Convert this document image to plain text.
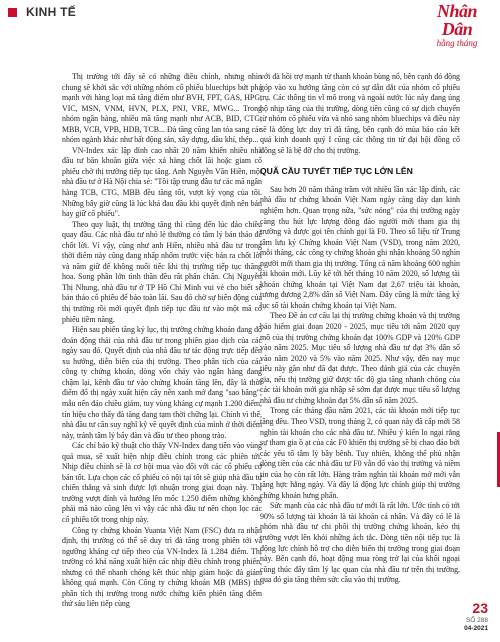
KINH TẾ	Nhân Dân
hằng tháng

Thị trường tới đây sẽ có những điều chỉnh, nhưng nhìn chung sẽ khởi sắc với những nhóm cổ phiếu bluechips bứt phá mạnh với hàng loạt mã tăng điểm như BVH, FPT, GAS, HPG, VIC, MSN, VNM, HVN, PLX, PNJ, VRE, MWG... Trong nhóm ngân hàng, nhiều mã tăng mạnh như ACB, BID, CTG, MBB, VCB, VPB, HDB, TCB... Đà tăng cũng lan tỏa sang các nhóm ngành khác như bất động sản, xây dựng, dầu khí, thép...

VN-Index xác lập đỉnh cao nhất 20 năm khiến nhiều nhà đầu tư băn khoăn giữa việc xả hàng chốt lãi hoặc giam cổ phiếu chờ thị trường tiếp tục tăng. Anh Nguyễn Văn Hiền, một nhà đầu tư ở Hà Nội chia sẻ: "Tôi tập trung đầu tư các mã ngân hàng TCB, CTG, MBB đều tăng tốt, vượt kỳ vọng của tôi. Những bây giờ cũng là lúc khá đau đầu khi quyết định nên bán hay giữ cổ phiếu".

Theo quy luật, thị trường tăng thì cũng đến lúc đảo chiều quay đầu. Các nhà đầu tư nhỏ lẻ thường có tâm lý bán tháo để chốt lời. Vì vậy, cũng như anh Hiền, nhiều nhà đầu tư trong thời điểm này cũng đang nhấp nhổm trước việc bán ra chốt lời và năm giữ để không nuối tiếc khi thị trường tiếp tục thăng hoa. Song phần lớn tình thần đều rất phấn chấn. Chị Nguyễn Thị Nhung, nhà đầu tư ở TP Hồ Chí Minh vui vẻ cho biết sẽ bán tháo cổ phiếu để bảo toàn lãi. Sau đó chờ sự biến động của thị trường rồi mới quyết định tiếp tục đầu tư vào một mã cổ phiếu tiềm năng.

Hiện sau phiên tăng kỷ lục, thị trường chứng khoán đang đổ đoán động thái của nhà đầu tư trong phiên giao dịch của các ngày sau đó. Quyết định của nhà đầu tư tác động trực tiếp đến xu hướng, diễn biến của thị trường. Theo phân tích của các công ty chứng khoán, dòng vốn chảy vào ngân hàng đang chậm lại, kênh đầu tư vào chứng khoán tăng lên, đây là thời điểm đổ thị ngày xuất hiện cây nến xanh mở đang "sao băng", mẫu nến đảo chiều giảm, tuy vùng kháng cự mạnh 1.200 điểm, tín hiệu cho thấy đà tăng đang tạm thời chững lại. Chính vì thế, nhà đầu tư cần suy nghĩ kỹ về quyết định của mình ở thời điểm này, tránh tâm lý bẩy đàn và đầu tư theo phong trào.

Các chỉ báo kỹ thuật cho thấy VN-Index đang tiến vào vùng quá mua, sẽ xuất hiện nhịp điều chỉnh trong các phiên tới. Nhịp điều chỉnh sẽ là cơ hội mua vào đối với các cổ phiếu cơ bản tốt. Lựa chọn các cổ phiếu có nội tại tốt sẽ giúp nhà đầu tư chiến thắng và sinh được lợi nhuận trong giai đoạn này. Thị trường vượt đỉnh và hướng lên mốc 1.250 điểm những không phải mã nào cũng lên vì vậy các nhà đầu tư nên chọn lọc các cổ phiếu tốt trong nhịp này.

Công ty chứng khoán Yuanta Việt Nam (FSC) đưa ra nhận định, thị trường có thể sẽ duy trì đà tăng trong phiên tới và ngưỡng kháng cự tiếp theo của VN-Index là 1.284 điểm. Thị trường có khả năng xuất hiện các nhịp điều chỉnh trong phiên, nhưng có thể nhanh chóng kết thúc nhịp giảm hoặc đà giảm không quá mạnh. Còn Công ty chứng khoán MB (MBS) thì phân tích thị trường trong nước chứng kiến phiên tăng điểm thứ sáu liên tiếp cùng

với đà hồi trợ mạnh từ thanh khoản bùng nổ, bên cạnh đó động góp vào xu hướng tăng còn có sự dẫn dắt của nhóm cổ phiếu trụ. Các thông tin vĩ mô trong và ngoài nước lúc này đang ủng hộ nhịp tăng của thị trường, dòng tiền cũng có sự dịch chuyển từ nhóm cổ phiếu vừa và nhỏ sang nhóm bluechips và điều này sẽ là động lực duy trì đà tăng, bên cạnh đó mùa báo cáo kết quả kinh doanh quý I cũng các thông tin từ đại hội đồng cổ đông sẽ là bệ đỡ cho thị trường.

QUÃ CẦU TUYẾT TIẾP TỤC LỚN LÊN

Sau hơn 20 năm thăng trầm với nhiều lần xác lập đỉnh, các nhà đầu tư chứng khoán Việt Nam ngày càng dày dạn kinh nghiệm hơn. Quan trọng nữa, "sức nóng" của thị trường ngày càng thu hút lực lượng đông đảo người mới tham gia thị trường và được gọi tên chính gọi là F0. Theo số liệu từ Trung tâm lưu ký Chứng khoán Việt Nam (VSD), trong năm 2020, mỗi tháng, các công ty chứng khoán ghi nhận khoảng 50 nghìn người mới tham gia thị trường. Tổng cả năm khoảng 600 nghìn tài khoản mới. Lũy kế tới hết tháng 10 năm 2020, số lượng tài khoản chứng khoán tại Việt Nam đạt 2,67 triệu tài khoản, tương đương 2,8% dân số Việt Nam. Đây cũng là mức tăng kỷ lục số tài khoản chứng khoán tại Việt Nam.

Theo Đề án cơ cấu lại thị trường chứng khoán và thị trường bảo hiểm giai đoạn 2020 - 2025, mục tiêu tới năm 2020 quy mô của thị trường chứng khoán đạt 100% GDP và 120% GDP vào năm 2025. Mục tiêu số lượng nhà đầu tư đạt 3% dân số vào năm 2020 và 5% vào năm 2025. Như vậy, đến nay mục tiêu này gần như đã đạt được. Theo đánh giá của các chuyên gia, nếu thị trường giữ được tốc độ gia tăng nhanh chóng của các tài khoản mới gia nhập sẽ sớm đạt được mục tiêu số lượng nhà đầu tư chứng khoán đạt 5% dân số năm 2025.

Trong các tháng đầu năm 2021, các tài khoản mới tiếp tục tăng đều. Theo VSD, trong tháng 2, có quan này đã cấp mới 58 nghìn tài khoản cho các nhà đầu tư. Nhiều ý kiến lo ngại rằng sự tham gia ồ ạt của các F0 khiến thị trường sẽ bị chao đảo bởi các yếu tố tâm lý bầy bênh. Tuy nhiên, không thể phủ nhận dòng tiền của các nhà đầu tư F0 vẫn đổ vào thị trường và niềm tin của họ còn rất lớn. Hàng trăm nghìn tài khoản mở mới vẫn tăng hực hằng ngày. Và đây là động lực chính giúp thị trường chứng khoán hưng phấn.

Sức mạnh của các nhà đầu tư mới là rất lớn. Ước tính có tới 90% số lượng tài khoản là tài khoản cá nhân. Và đây có lẽ là nhóm nhà đầu tư chi phối thị trường chứng khoán, kéo thị trường vượt lên khỏi những ách tắc. Dòng tiền nội tiếp tục là động lực chính hỗ trợ cho diễn biến thị trường trong giai đoạn này. Bên cạnh đó, hoạt động mua ròng trở lại của khối ngoại cũng thúc đẩy tâm lý lạc quan của nhà đầu tư trên thị trường, qua đó gia tăng thêm sức cầu vào thị trường.

23
SỐ 288
04-2021
